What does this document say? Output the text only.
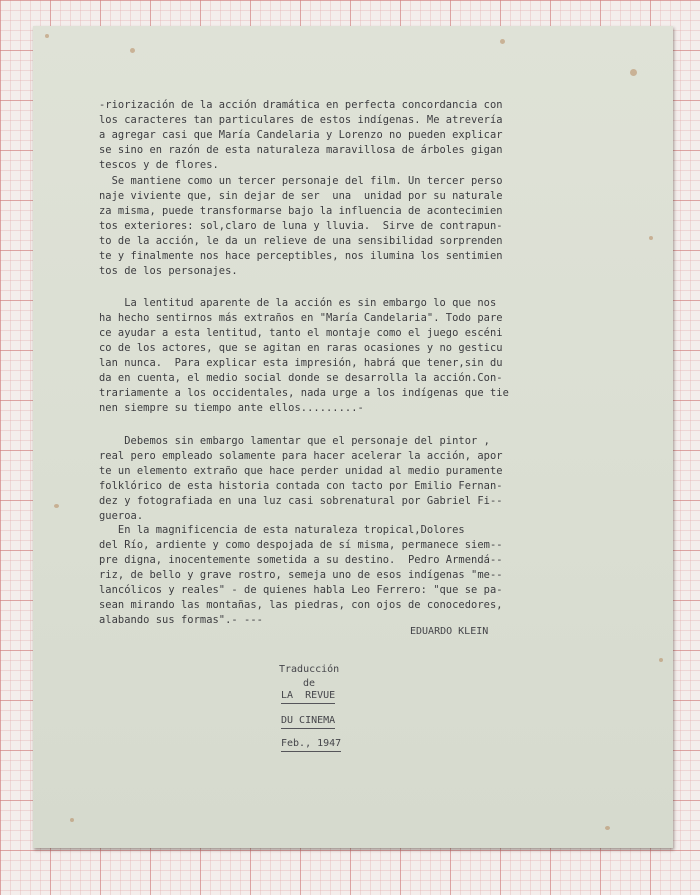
-riorización de la acción dramática en perfecta concordancia con
los caracteres tan particulares de estos indígenas. Me atrevería
a agregar casi que María Candelaria y Lorenzo no pueden explicar
se sino en razón de esta naturaleza maravillosa de árboles gigan
tescos y de flores.
Se mantiene como un tercer personaje del film. Un tercer perso
naje viviente que, sin dejar de ser  una  unidad por su naturale
za misma, puede transformarse bajo la influencia de acontecimien
tos exteriores: sol,claro de luna y lluvia.  Sirve de contrapun-
to de la acción, le da un relieve de una sensibilidad sorprenden
te y finalmente nos hace perceptibles, nos ilumina los sentimien
tos de los personajes.
La lentitud aparente de la acción es sin embargo lo que nos
ha hecho sentirnos más extraños en "María Candelaria". Todo pare
ce ayudar a esta lentitud, tanto el montaje como el juego escéni
co de los actores, que se agitan en raras ocasiones y no gesticu
lan nunca.  Para explicar esta impresión, habrá que tener,sin du
da en cuenta, el medio social donde se desarrolla la acción.Con-
trariamente a los occidentales, nada urge a los indígenas que tie
nen siempre su tiempo ante ellos.........-
Debemos sin embargo lamentar que el personaje del pintor ,
real pero empleado solamente para hacer acelerar la acción, apor
te un elemento extraño que hace perder unidad al medio puramente
folklórico de esta historia contada con tacto por Emilio Fernan-
dez y fotografiada en una luz casi sobrenatural por Gabriel Fi--
gueroa.
En la magnificencia de esta naturaleza tropical,Dolores
del Río, ardiente y como despojada de sí misma, permanece siem--
pre digna, inocentemente sometida a su destino.  Pedro Armendá--
riz, de bello y grave rostro, semeja uno de esos indígenas "me--
lancólicos y reales" - de quienes habla Leo Ferrero: "que se pa-
sean mirando las montañas, las piedras, con ojos de conocedores,
alabando sus formas".- ---
EDUARDO KLEIN
Traducción
de
LA  REVUE
DU CINEMA
Feb., 1947
